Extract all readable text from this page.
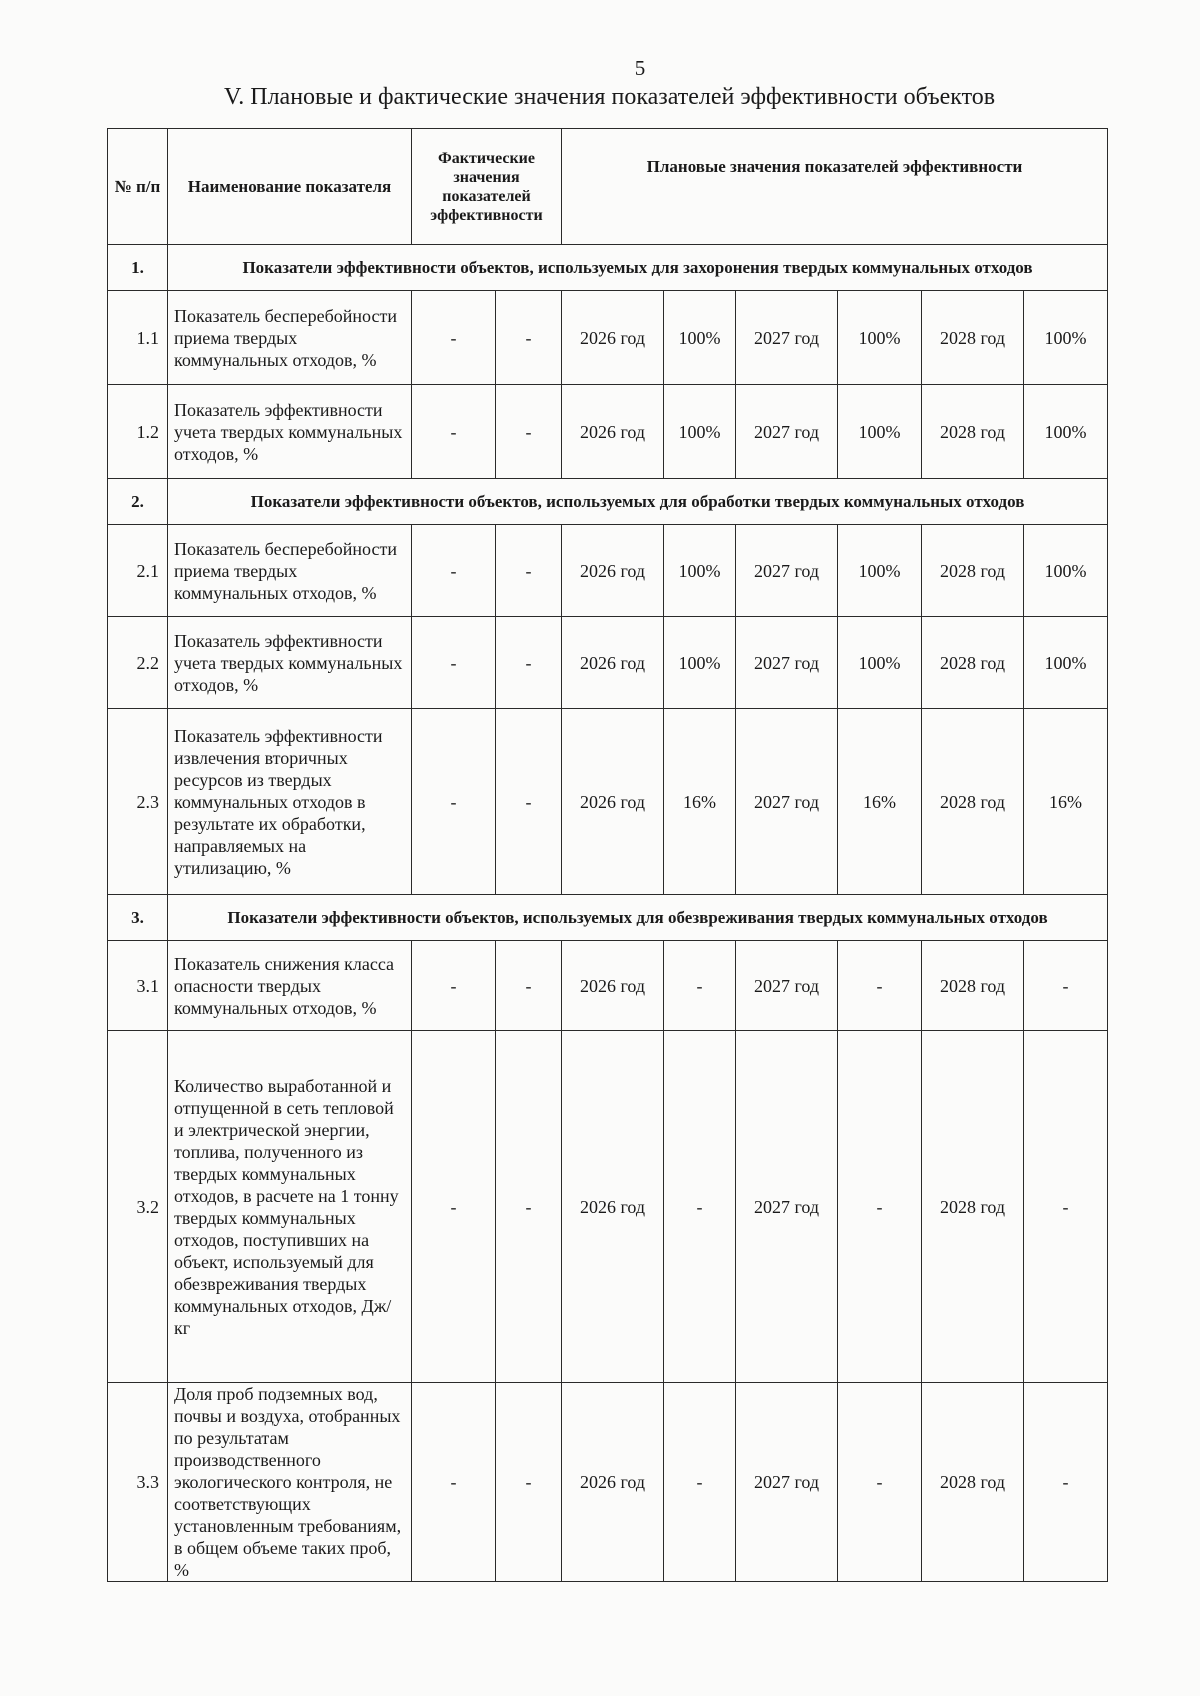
5
V. Плановые и фактические значения показателей эффективности объектов
№ п/п	Наименование показателя	Фактические значения показателей эффективности		Плановые значения показателей эффективности					
1.	Показатели эффективности объектов, используемых для захоронения твердых коммунальных отходов								
1.1	Показатель бесперебойности приема твердых коммунальных отходов, %	-	-	2026 год	100%	2027 год	100%	2028 год	100%
1.2	Показатель эффективности учета твердых коммунальных отходов, %	-	-	2026 год	100%	2027 год	100%	2028 год	100%
2.	Показатели эффективности объектов, используемых для обработки твердых коммунальных отходов								
2.1	Показатель бесперебойности приема твердых коммунальных отходов, %	-	-	2026 год	100%	2027 год	100%	2028 год	100%
2.2	Показатель эффективности учета твердых коммунальных отходов, %	-	-	2026 год	100%	2027 год	100%	2028 год	100%
2.3	Показатель эффективности извлечения вторичных ресурсов из твердых коммунальных отходов в результате их обработки, направляемых на утилизацию, %	-	-	2026 год	16%	2027 год	16%	2028 год	16%
3.	Показатели эффективности объектов, используемых для обезвреживания твердых коммунальных отходов								
3.1	Показатель снижения класса опасности твердых коммунальных отходов, %	-	-	2026 год	-	2027 год	-	2028 год	-
3.2	Количество выработанной и отпущенной в сеть тепловой и электрической энергии, топлива, полученного из твердых коммунальных отходов, в расчете на 1 тонну твердых коммунальных отходов, поступивших на объект, используемый для обезвреживания твердых коммунальных отходов, Дж/кг	-	-	2026 год	-	2027 год	-	2028 год	-
3.3	Доля проб подземных вод, почвы и воздуха, отобранных по результатам производственного экологического контроля, не соответствующих установленным требованиям, в общем объеме таких проб, %	-	-	2026 год	-	2027 год	-	2028 год	-
